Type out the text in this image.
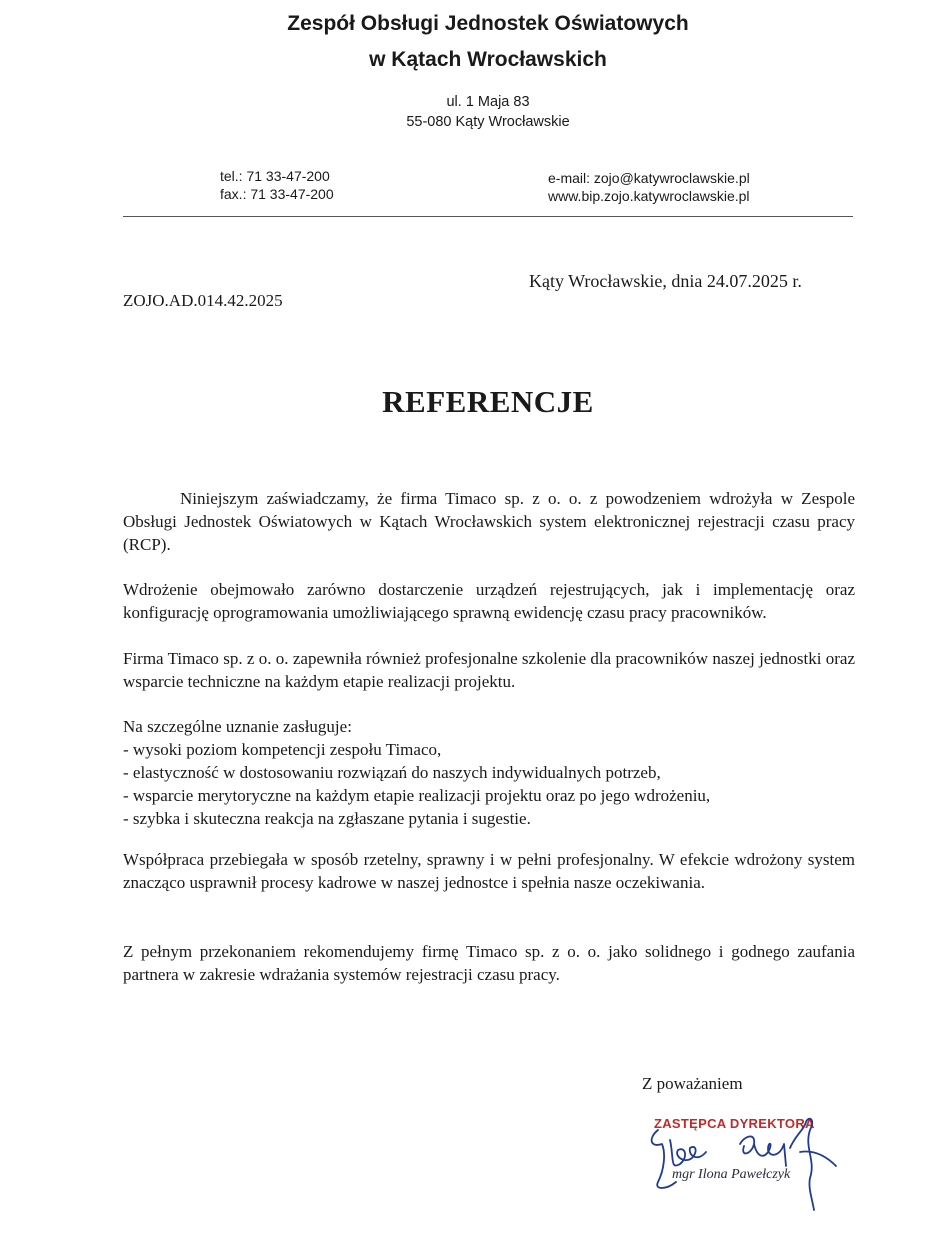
Zespół Obsługi Jednostek Oświatowych
w Kątach Wrocławskich
ul. 1 Maja 83
55-080 Kąty Wrocławskie
tel.: 71 33-47-200
fax.: 71 33-47-200
e-mail: zojo@katywroclawskie.pl
www.bip.zojo.katywroclawskie.pl
Kąty Wrocławskie, dnia 24.07.2025 r.
ZOJO.AD.014.42.2025
REFERENCJE
Niniejszym zaświadczamy, że firma Timaco sp. z o. o. z powodzeniem wdrożyła w Zespole Obsługi Jednostek Oświatowych w Kątach Wrocławskich system elektronicznej rejestracji czasu pracy (RCP).
Wdrożenie obejmowało zarówno dostarczenie urządzeń rejestrujących, jak i implementację oraz konfigurację oprogramowania umożliwiającego sprawną ewidencję czasu pracy pracowników.
Firma Timaco sp. z o. o. zapewniła również profesjonalne szkolenie dla pracowników naszej jednostki oraz wsparcie techniczne na każdym etapie realizacji projektu.
Na szczególne uznanie zasługuje:
- wysoki poziom kompetencji zespołu Timaco,
- elastyczność w dostosowaniu rozwiązań do naszych indywidualnych potrzeb,
- wsparcie merytoryczne na każdym etapie realizacji projektu oraz po jego wdrożeniu,
- szybka i skuteczna reakcja na zgłaszane pytania i sugestie.
Współpraca przebiegała w sposób rzetelny, sprawny i w pełni profesjonalny. W efekcie wdrożony system znacząco usprawnił procesy kadrowe w naszej jednostce i spełnia nasze oczekiwania.
Z pełnym przekonaniem rekomendujemy firmę Timaco sp. z o. o. jako solidnego i godnego zaufania partnera w zakresie wdrażania systemów rejestracji czasu pracy.
Z poważaniem
ZASTĘPCA DYREKTORA
mgr Ilona Pawełczyk
